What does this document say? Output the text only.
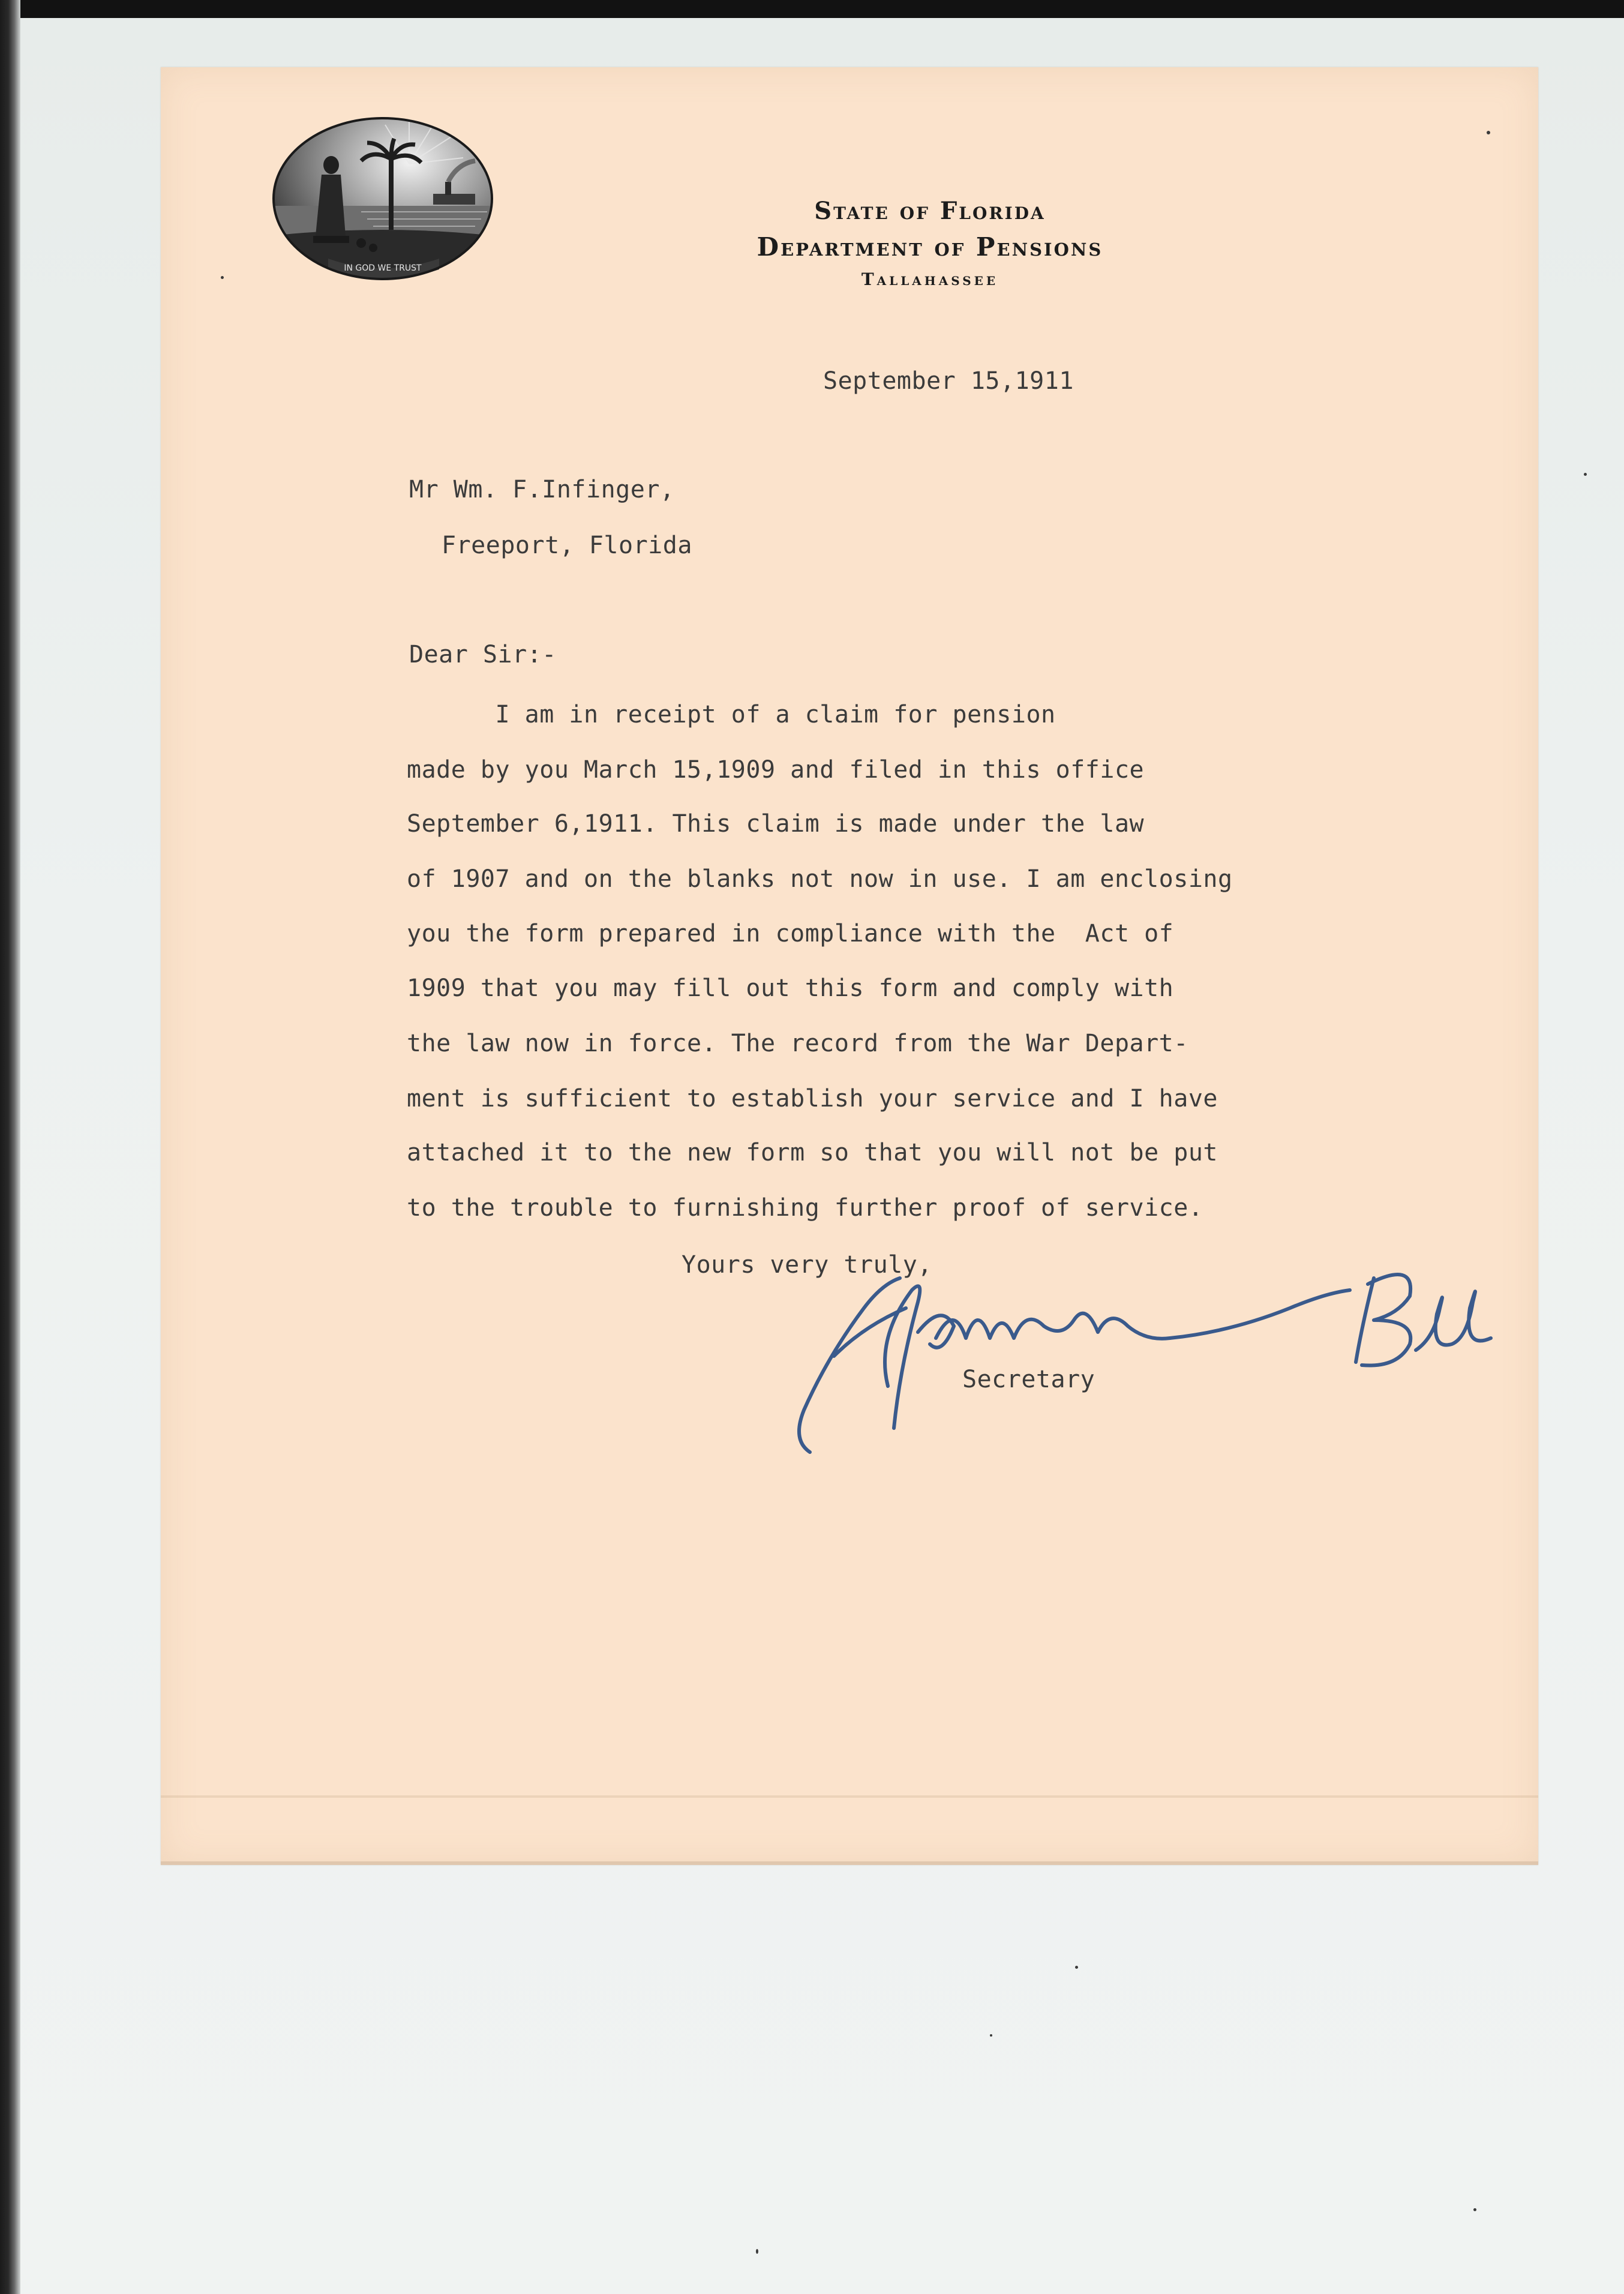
IN GOD WE TRUST
State of Florida
Department of Pensions
Tallahassee
September 15,1911
Mr Wm. F.Infinger,
Freeport, Florida
Dear Sir:-
I am in receipt of a claim for pension
made by you March 15,1909 and filed in this office
September 6,1911. This claim is made under the law
of 1907 and on the blanks not now in use. I am enclosing
you the form prepared in compliance with the  Act of
1909 that you may fill out this form and comply with
the law now in force. The record from the War Depart-
ment is sufficient to establish your service and I have
attached it to the new form so that you will not be put
to the trouble to furnishing further proof of service.
Yours very truly,
Secretary
